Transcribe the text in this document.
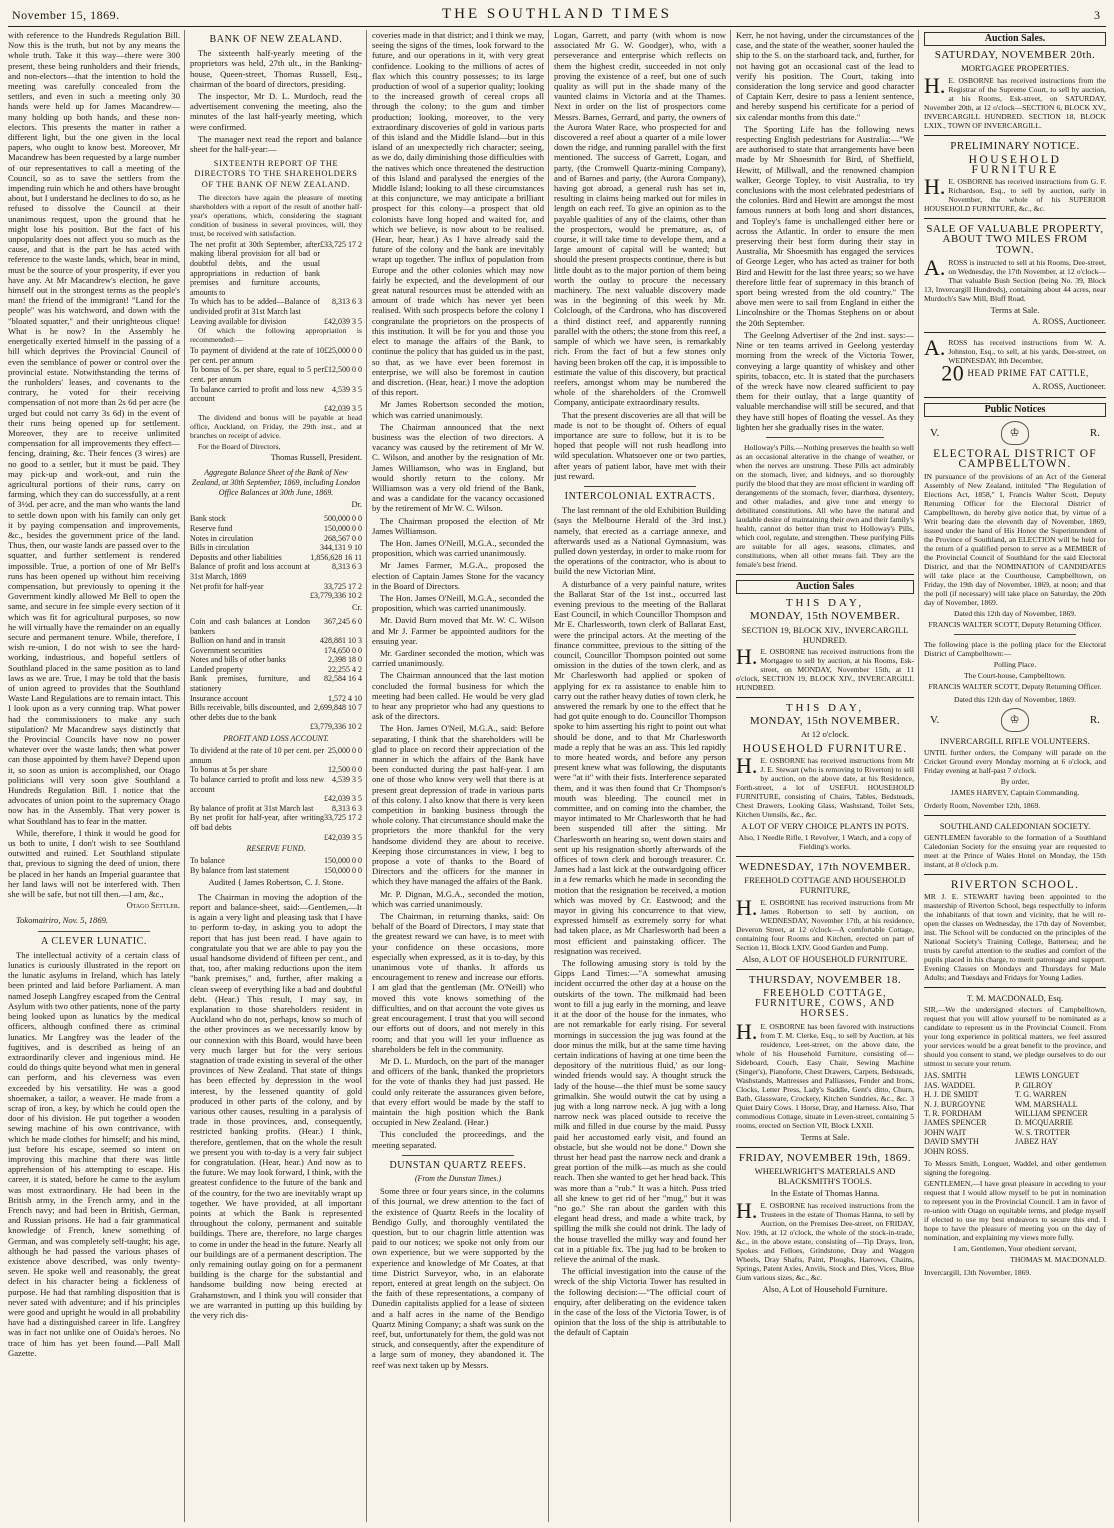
November 15, 1869.	THE SOUTHLAND TIMES	3

with reference to the Hundreds Regulation Bill. Now this is the truth, but not by any means the whole truth. Take it this way—there were 300 present, these being runholders and their friends, and non-electors—that the intention to hold the meeting was carefully concealed from the settlers, and even in such a meeting only 30 hands were held up for James Macandrew—many holding up both hands, and these non-electors. This presents the matter in rather a different light, but the one given in the local papers, who ought to know best. Moreover, Mr Macandrew has been requested by a large number of our representatives to call a meeting of the Council, so as to save the settlers from the impending ruin which he and others have brought about, but I understand he declines to do so, as he refused to dissolve the Council at their unanimous request, upon the ground that he might lose his position. But the fact of his unpopularity does not affect you so much as the cause, and that is the part he has acted with reference to the waste lands, which, bear in mind, must be the source of your prosperity, if ever you have any. At Mr Macandrew's election, he gave himself out in the strongest terms as the people's man! the friend of the immigrant! "Land for the people" was his watchword, and down with the "bloated squatter," and their unrighteous clique! What is he now? In the Assembly he energetically exerted himself in the passing of a bill which deprives the Provincial Council of even the semblance of power or control over the provincial estate. Notwithstanding the terms of the runholders' leases, and covenants to the contrary, he voted for their receiving compensation of not more than 2s 6d per acre (he urged but could not carry 3s 6d) in the event of their runs being opened up for settlement. Moreover, they are to receive unlimited compensation for all improvements they effect—fencing, draining, &c. Their fences (3 wires) are no good to a settler, but it must be paid. They may pick-up and work-out, and ruin the agricultural portions of their runs, carry on farming, which they can do successfully, at a rent of 3½d. per acre, and the man who wants the land to settle down upon with his family can only get it by paying compensation and improvements, &c., besides the government price of the land. Thus, then, our waste lands are passed over to the squatter, and further settlement is rendered impossible. True, a portion of one of Mr Bell's runs has been opened up without him receiving compensation, but previously to opening it the Government kindly allowed Mr Bell to open the same, and secure in fee simple every section of it which was fit for agricultural purposes, so now he will virtually have the remainder on an equally secure and permanent tenure. While, therefore, I wish re-union, I do not wish to see the hard-working, industrious, and hopeful settlers of Southland placed in the same position as to land laws as we are. True, I may be told that the basis of union agreed to provides that the Southland Waste Land Regulations are to remain intact. This I look upon as a very cunning trap. What power had the commissioners to make any such stipulation? Mr Macandrew says distinctly that the Provincial Councils have now no power whatever over the waste lands; then what power can those appointed by them have? Depend upon it, so soon as union is accomplished, our Otago politicians will very soon give Southland a Hundreds Regulation Bill. I notice that the advocates of union point to the supremacy Otago now has in the Assembly. That very power is what Southland has to fear in the matter.

While, therefore, I think it would be good for us both to unite, I don't wish to see Southland outwitted and ruined. Let Southland stipulate that, previous to signing the deed of union, there be placed in her hands an Imperial guarantee that her land laws will not be interfered with. Then she will be safe, but not till then.—I am, &c.,

Otago Settler.

Tokomairiro, Nov. 5, 1869.

A CLEVER LUNATIC.

The intellectual activity of a certain class of lunatics is curiously illustrated in the report on the lunatic asylums in Ireland, which has lately been printed and laid before Parliament. A man named Joseph Langfrey escaped from the Central Asylum with two other patients, none of the party being looked upon as lunatics by the medical officers, although confined there as criminal lunatics. Mr Langfrey was the leader of the fugitives, and is described as being of an extraordinarily clever and ingenious mind. He could do things quite beyond what men in general can perform, and his cleverness was even exceeded by his versatility. He was a good shoemaker, a tailor, a weaver. He made from a scrap of iron, a key, by which he could open the door of his division. He put together a wooden sewing machine of his own contrivance, with which he made clothes for himself; and his mind, just before his escape, seemed so intent on improving this machine that there was little apprehension of his attempting to escape. His career, it is stated, before he came to the asylum was most extraordinary. He had been in the British army, in the French army, and in the French navy; and had been in British, German, and Russian prisons. He had a fair grammatical knowledge of French, knew something of German, and was completely self-taught; his age, although he had passed the various phases of existence above described, was only twenty-seven. He spoke well and reasonably, the great defect in his character being a fickleness of purpose. He had that rambling disposition that is never sated with adventure; and if his principles were good and upright he would in all probability have had a distinguished career in life. Langfrey was in fact not unlike one of Ouida's heroes. No trace of him has yet been found.—Pall Mall Gazette.

BANK OF NEW ZEALAND.

The sixteenth half-yearly meeting of the proprietors was held, 27th ult., in the Banking-house, Queen-street, Thomas Russell, Esq., chairman of the board of directors, presiding.

The inspector, Mr D. L. Murdoch, read the advertisement convening the meeting, also the minutes of the last half-yearly meeting, which were confirmed.

The manager next read the report and balance sheet for the half-year:—

SIXTEENTH REPORT OF THE DIRECTORS TO THE SHAREHOLDERS OF THE BANK OF NEW ZEALAND.

The directors have again the pleasure of meeting shareholders with a report of the result of another half-year's operations, which, considering the stagnant condition of business in several provinces, will, they trust, be received with satisfaction.

The net profit at 30th September, after making liberal provision for all bad or doubtful debts, and the usual appropriations in reduction of bank premises and furniture accounts, amounts to	£33,725 17 2
To which has to be added—Balance of undivided profit at 31st March last	8,313 6 3
Leaving available for division	£42,039 3 5

Of which the following appropriation is recommended:—

To payment of dividend at the rate of 10 per cent. per annum	£25,000 0 0
To bonus of 5s. per share, equal to 5 per cent. per annum	£12,500 0 0
To balance carried to profit and loss new account	4,539 3 5
	£42,039 3 5

The dividend and bonus will be payable at head office, Auckland, on Friday, the 29th inst., and at branches on receipt of advice.

For the Board of Directors,

Thomas Russell, President.

Aggregate Balance Sheet of the Bank of New Zealand, at 30th September, 1869, including London Office Balances at 30th June, 1869.

Dr.

Bank stock	500,000 0 0
Reserve fund	150,000 0 0
Notes in circulation	268,567 0 0
Bills in circulation	344,131 9 10
Deposits and other liabilities	1,856,628 16 11
Balance of profit and loss account at 31st March, 1869	8,313 6 3
Net profit for half-year	33,725 17 2
	£3,779,336 10 2

Cr.

Coin and cash balances at London bankers	367,245 6 0
Bullion on hand and in transit	428,881 10 3
Government securities	174,650 0 0
Notes and bills of other banks	2,398 18 0
Landed property	22,255 4 2
Bank premises, furniture, and stationery	82,584 16 4
Insurance account	1,572 4 10
Bills receivable, bills discounted, and other debts due to the bank	2,699,848 10 7
	£3,779,336 10 2

PROFIT AND LOSS ACCOUNT.

To dividend at the rate of 10 per cent. per annum	25,000 0 0
To bonus at 5s per share	12,500 0 0
To balance carried to profit and loss new account	4,539 3 5
	£42,039 3 5
By balance of profit at 31st March last	8,313 6 3
By net profit for half-year, after writing off bad debts	33,725 17 2
	£42,039 3 5

RESERVE FUND.

To balance	150,000 0 0
By balance from last statement	150,000 0 0

Audited { James Robertson, C. J. Stone.

The Chairman in moving the adoption of the report and balance-sheet, said:—Gentlemen,—It is again a very light and pleasing task that I have to perform to-day, in asking you to adopt the report that has just been read. I have again to congratulate you that we are able to pay you the usual handsome dividend of fifteen per cent., and that, too, after making reductions upon the item "bank premises," and, further, after making a clean sweep of everything like a bad and doubtful debt. (Hear.) This result, I may say, in explanation to those shareholders resident in Auckland who do not, perhaps, know so much of the other provinces as we necessarily know by our connexion with this Board, would have been very much larger but for the very serious stagnation of trade existing in several of the other provinces of New Zealand. That state of things has been effected by depression in the wool interest, by the lessened quantity of gold produced in other parts of the colony, and by various other causes, resulting in a paralysis of trade in those provinces, and, consequently, restricted banking profits. (Hear.) I think, therefore, gentlemen, that on the whole the result we present you with to-day is a very fair subject for congratulation. (Hear, hear.) And now as to the future. We may look forward, I think, with the greatest confidence to the future of the bank and of the country, for the two are inevitably wrapt up together. We have provided, at all important points at which the Bank is represented throughout the colony, permanent and suitable buildings. There are, therefore, no large charges to come in under the head in the future. Nearly all our buildings are of a permanent description. The only remaining outlay going on for a permanent building is the charge for the substantial and handsome building now being erected at Grahamstown, and I think you will consider that we are warranted in putting up this building by the very rich dis-

coveries made in that district; and I think we may, seeing the signs of the times, look forward to the future, and our operations in it, with very great confidence. Looking to the millions of acres of flax which this country possesses; to its large production of wool of a superior quality; looking to the increased growth of cereal crops all through the colony; to the gum and timber production; looking, moreover, to the very extraordinary discoveries of gold in various parts of this island and the Middle Island—but in this island of an unexpectedly rich character; seeing, as we do, daily diminishing those difficulties with the natives which once threatened the destruction of this Island and paralysed the energies of the Middle Island; looking to all these circumstances at this conjuncture, we may anticipate a brilliant prospect for this colony—a prospect that old colonists have long hoped and waited for, and which we believe, is now about to be realised. (Hear, hear, hear.) As I have already said the future of the colony and the bank are inevitably wrapt up together. The influx of population from Europe and the other colonies which may now fairly be expected, and the development of our great natural resources must be attended with an amount of trade which has never yet been realised. With such prospects before the colony I congratulate the proprietors on the prospects of this institution. It will be for you and those you elect to manage the affairs of the Bank, to continue the policy that has guided us in the past, so that, as we have ever been foremost in enterprise, we will also be foremost in caution and discretion. (Hear, hear.) I move the adoption of this report.

Mr James Robertson seconded the motion, which was carried unanimously.

The Chairman announced that the next business was the election of two directors. A vacancy was caused by the retirement of Mr W. C. Wilson, and another by the resignation of Mr. James Williamson, who was in England, but would shortly return to the colony. Mr Williamson was a very old friend of the Bank, and was a candidate for the vacancy occasioned by the retirement of Mr W. C. Wilson.

The Chairman proposed the election of Mr James Williamson.

The Hon. James O'Neill, M.G.A., seconded the proposition, which was carried unanimously.

Mr James Farmer, M.G.A., proposed the election of Captain James Stone for the vacancy in the Board of Directors.

The Hon. James O'Neill, M.G.A., seconded the proposition, which was carried unanimously.

Mr. David Burn moved that Mr. W. C. Wilson and Mr J. Farmer be appointed auditors for the ensuing year.

Mr. Gardiner seconded the motion, which was carried unanimously.

The Chairman announced that the last motion concluded the formal business for which the meeting had been called. He would be very glad to hear any proprietor who had any questions to ask of the directors.

The Hon. James O'Neil, M.G.A., said: Before separating, I think that the shareholders will be glad to place on record their appreciation of the manner in which the affairs of the Bank have been conducted during the past half-year. I am one of those who know very well that there is at present great depression of trade in various parts of this colony. I also know that there is very keen competition in banking business through the whole colony. That circumstance should make the proprietors the more thankful for the very handsome dividend they are about to receive. Keeping those circumstances in view, I beg to propose a vote of thanks to the Board of Directors and the officers for the manner in which they have managed the affairs of the Bank.

Mr. P. Dignan, M.G.A., seconded the motion, which was carried unanimously.

The Chairman, in returning thanks, said: On behalf of the Board of Directors, I may state that the greatest reward we can have, is to meet with your confidence on these occasions, more especially when expressed, as it is to-day, by this unanimous vote of thanks. It affords us encouragement to renew and increase our efforts. I am glad that the gentleman (Mr. O'Neill) who moved this vote knows something of the difficulties, and on that account the vote gives us great encouragement. I trust that you will second our efforts out of doors, and not merely in this room; and that you will let your influence as shareholders be felt in the community.

Mr D. L. Murdoch, on the part of the manager and officers of the bank, thanked the proprietors for the vote of thanks they had just passed. He could only reiterate the assurances given before, that every effort would be made by the staff to maintain the high position which the Bank occupied in New Zealand. (Hear.)

This concluded the proceedings, and the meeting separated.

DUNSTAN QUARTZ REEFS.

(From the Dunstan Times.)

Some three or four years since, in the columns of this journal, we drew attention to the fact of the existence of Quartz Reefs in the locality of Bendigo Gully, and thoroughly ventilated the question, but to our chagrin little attention was paid to our notices; we spoke not only from our own experience, but we were supported by the experience and knowledge of Mr Coates, at that time District Surveyor, who, in an elaborate report, entered at great length on the subject. On the faith of these representations, a company of Dunedin capitalists applied for a lease of sixteen and a half acres in the name of the Bendigo Quartz Mining Company; a shaft was sunk on the reef, but, unfortunately for them, the gold was not struck, and consequently, after the expenditure of a large sum of money, they abandoned it. The reef was next taken up by Messrs.

Logan, Garrett, and party (with whom is now associated Mr G. W. Goodger), who, with a perseverance and enterprise which reflects on them the highest credit, succeeded in not only proving the existence of a reef, but one of such quality as will put in the shade many of the vaunted claims in Victoria and at the Thames. Next in order on the list of prospectors come Messrs. Barnes, Gerrard, and party, the owners of the Aurora Water Race, who prospected for and discovered a reef about a quarter of a mile lower down the ridge, and running parallel with the first mentioned. The success of Garrett, Logan, and party, (the Cromwell Quartz-mining Company), and of Barnes and party, (the Aurora Company), having got abroad, a general rush has set in, resulting in claims being marked out for miles in length on each reef. To give an opinion as to the payable qualities of any of the claims, other than the prospectors, would be premature, as, of course, it will take time to develope them, and a large amount of capital will be wanted; but should the present prospects continue, there is but little doubt as to the major portion of them being worth the outlay to procure the necessary machinery. The next valuable discovery made was in the beginning of this week by Mr. Colclough, of the Cardrona, who has discovered a third distinct reef, and apparently running parallel with the others; the stone from this reef, a sample of which we have seen, is remarkably rich. From the fact of but a few stones only having been broken off the cap, it is impossible to estimate the value of this discovery, but practical reefers, amongst whom may be numbered the whole of the shareholders of the Cromwell Company, anticipate extraordinary results.

That the present discoveries are all that will be made is not to be thought of. Others of equal importance are sure to follow, but it is to be hoped that people will not rush headlong into wild speculation. Whatsoever one or two parties, after years of patient labor, have met with their just reward.

INTERCOLONIAL EXTRACTS.

The last remnant of the old Exhibition Building (says the Melbourne Herald of the 3rd inst.) namely, that erected as a carriage annexe, and afterwards used as a National Gymnasium, was pulled down yesterday, in order to make room for the operations of the contractor, who is about to build the new Victorian Mint.

A disturbance of a very painful nature, writes the Ballarat Star of the 1st inst., occurred last evening previous to the meeting of the Ballarat East Council, in which Councillor Thompson and Mr E. Charlesworth, town clerk of Ballarat East, were the principal actors. At the meeting of the finance committee, previous to the sitting of the council, Councillor Thompson pointed out some omission in the duties of the town clerk, and as Mr Charlesworth had applied or spoken of applying for ex ra assistance to enable him to carry out the rather heavy duties of town clerk, he answered the remark by one to the effect that he had got quite enough to do. Councillor Thompson spoke to him asserting his right to point out what should be done, and to that Mr Charlesworth made a reply that he was an ass. This led rapidly to more heated words, and before any person present knew what was following, the disputants were "at it" with their fists. Interference separated them, and it was then found that Cr Thompson's mouth was bleeding. The council met in committee, and on coming into the chamber, the mayor intimated to Mr Charlesworth that he had been suspended till after the sitting. Mr Charlesworth on hearing so, went down stairs and sent up his resignation shortly afterwards of the offices of town clerk and borough treasurer. Cr. James had a last kick at the outwardgoing officer in a few remarks which he made in seconding the motion that the resignation be received, a motion which was moved by Cr. Eastwood; and the mayor in giving his concurrence to that view, expressed himself as extremely sorry for what had taken place, as Mr Charlesworth had been a most efficient and painstaking officer. The resignation was received.

The following amusing story is told by the Gipps Land Times:—"A somewhat amusing incident occurred the other day at a house on the outskirts of the town. The milkmaid had been wont to fill a jug early in the morning, and leave it at the door of the house for the inmates, who are not remarkable for early rising. For several mornings in succession the jug was found at the door minus the milk, but at the same time having certain indications of having at one time been the depository of the nutritious fluid,' as our long-winded friends would say. A thought struck the lady of the house—the thief must be some saucy grimalkin. She would outwit the cat by using a jug with a long narrow neck. A jug with a long narrow neck was placed outside to receive the milk and filled in due course by the maid. Pussy paid her accustomed early visit, and found an obstacle, but she would not be done." Down she thrust her head past the narrow neck and drank a great portion of the milk—as much as she could reach. Then she wanted to get her head back. This was more than a "rub." It was a hitch. Puss tried all she knew to get rid of her "mug," but it was "no go." She ran about the garden with this elegant head dress, and made a white track, by spilling the milk she could not drink. The lady of the house travelled the milky way and found her cat in a pitiable fix. The jug had to be broken to relieve the animal of the mask.

The official investigation into the cause of the wreck of the ship Victoria Tower has resulted in the following decision:—"The official court of enquiry, after deliberating on the evidence taken in the case of the loss of the Victoria Tower, is of opinion that the loss of the ship is attributable to the default of Captain

Kerr, he not having, under the circumstances of the case, and the state of the weather, sooner hauled the ship to the S. on the starboard tack, and, further, for not having got an occasional cast of the lead to verify his position. The Court, taking into consideration the long service and good character of Captain Kerr, desire to pass a lenient sentence, and hereby suspend his certificate for a period of six calendar months from this date."

The Sporting Life has the following news respecting English pedestrians for Australia:—"We are authorised to state that arrangements have been made by Mr Shoesmith for Bird, of Sheffield, Hewitt, of Millwall, and the renowned champion walker, George Topley, to visit Australia, to try conclusions with the most celebrated pedestrians of the colonies. Bird and Hewitt are amongst the most famous runners at both long and short distances, and Topley's fame is unchallenged either here or across the Atlantic. In order to ensure the men preserving their best form during their stay in Australia, Mr Shoesmith has engaged the services of George Leger, who has acted as trainer for both Bird and Hewitt for the last three years; so we have therefore little fear of supremacy in this branch of sport being wrested from the old country." The above men were to sail from England in either the Lincolnshire or the Thomas Stephens on or about the 20th September.

The Geelong Advertiser of the 2nd inst. says:—Nine or ten teams arrived in Geelong yesterday morning from the wreck of the Victoria Tower, conveying a large quantity of whiskey and other spirits, tobacco, etc. It is stated that the purchasers of the wreck have now cleared sufficient to pay them for their outlay, that a large quantity of valuable merchandise will still be secured, and that they have still hopes of floating the vessel. As they lighten her she gradually rises in the water.

Holloway's Pills.—Nothing preserves the health so well as an occasional alterative in the change of weather, or when the nerves are unstrung. These Pills act admirably on the stomach, liver, and kidneys, and so thoroughly purify the blood that they are most efficient in warding off derangements of the stomach, fever, diarrhœa, dysentery, and other maladies, and give tone and energy to debilitated constitutions. All who have the natural and laudable desire of maintaining their own and their family's health, cannot do better than trust to Holloway's Pills, which cool, regulate, and strengthen. These purifying Pills are suitable for all ages, seasons, climates, and constitutions, when all other means fail. They are the female's best friend.

Auction Sales

THIS DAY,

MONDAY, 15th NOVEMBER.

SECTION 19, BLOCK XIV., INVERCARGILL HUNDRED.

H. E. OSBORNE has received instructions from the Mortgagee to sell by auction, at his Rooms, Esk-street, on MONDAY, November 15th, at 11 o'clock, SECTION 19, BLOCK XIV., INVERCARGILL HUNDRED.

THIS DAY,

MONDAY, 15th NOVEMBER.

At 12 o'clock.

HOUSEHOLD FURNITURE.

H. E. OSBORNE has received instructions from Mr J. E. Stewart (who is removing to Riverton) to sell by auction, on the above date, at his Residence, Forth-street, a lot of USEFUL HOUSEHOLD FURNITURE, consisting of Chairs, Tables, Bedsteads, Chest Drawers, Looking Glass, Washstand, Toilet Sets, Kitchen Utensils, &c., &c.

A LOT OF VERY CHOICE PLANTS IN POTS.

Also, 1 Needle Rifle, 1 Revolver, 1 Watch, and a copy of Fielding's works.

WEDNESDAY, 17th NOVEMBER.

FREEHOLD COTTAGE AND HOUSEHOLD FURNITURE,

H. E. OSBORNE has received instructions from Mr James Robertson to sell by auction, on WEDNESDAY, November 17th, at his residence, Deveron Street, at 12 o'clock—A comfortable Cottage, containing four Rooms and Kitchen, erected on part of Section 11, Block LXIV. Good Garden and Pump.

Also, A LOT OF HOUSEHOLD FURNITURE.

THURSDAY, NOVEMBER 18.

FREEHOLD COTTAGE, FURNITURE, COWS, AND HORSES.

H. E. OSBORNE has been favored with instructions from T. M. Clerke, Esq., to sell by Auction, at his residence, Leet-street, on the above date, the whole of his Household Furniture, consisting of—Sideboard, Couch, Easy Chair, Sewing Machine (Singer's), Pianoforte, Chest Drawers, Carpets, Bedsteads, Washstands, Mattresses and Palliasses, Fender and Irons, Clocks, Letter Press, Lady's Saddle, Gent's ditto, Churn, Bath, Glassware, Crockery, Kitchen Sundries, &c., &c. 3 Quiet Dairy Cows. 1 Horse, Dray, and Harness. Also, That commodious Cottage, situate in Leven-street, containing 5 rooms, erected on Section VII, Block LXXII.

Terms at Sale.

FRIDAY, NOVEMBER 19th, 1869.

WHEELWRIGHT'S MATERIALS AND BLACKSMITH'S TOOLS.

In the Estate of Thomas Hanna.

H. E. OSBORNE has received instructions from the Trustees in the estate of Thomas Hanna, to sell by Auction, on the Premises Dee-street, on FRIDAY, Nov. 19th, at 12 o'clock, the whole of the stock-in-trade, &c., in the above estate, consisting of—Tip Drays, Iron, Spokes and Felloes, Grindstone, Dray and Waggon Wheels, Dray Shafts, Paint, Ploughs, Harrows, Chains, Springs, Patent Axles, Anvils, Stock and Dies, Vices, Blue Gum various sizes, &c., &c.

Also, A Lot of Household Furniture.

Auction Sales.

SATURDAY, NOVEMBER 20th.

MORTGAGEE PROPERTIES.

H. E. OSBORNE has received instructions from the Registrar of the Supreme Court, to sell by auction, at his Rooms, Esk-street, on SATURDAY, November 20th, at 12 o'clock—SECTION 6, BLOCK XV., INVERCARGILL HUNDRED. SECTION 18, BLOCK LXIX., TOWN OF INVERCARGILL.

PRELIMINARY NOTICE.

HOUSEHOLD FURNITURE

H. E. OSBORNE has received instructions from G. F. Richardson, Esq., to sell by auction, early in November, the whole of his SUPERIOR HOUSEHOLD FURNITURE, &c., &c.

SALE OF VALUABLE PROPERTY, ABOUT TWO MILES FROM TOWN.

A. ROSS is instructed to sell at his Rooms, Dee-street, on Wednesday, the 17th November, at 12 o'clock—That valuable Bush Section (being No. 39, Block 13, Invercargill Hundreds), containing about 44 acres, near Murdoch's Saw Mill, Bluff Road.

Terms at Sale.

A. ROSS, Auctioneer.

A. ROSS has received instructions from W. A. Johnston, Esq., to sell, at his yards, Dee-street, on WEDNESDAY, 8th December,

20 HEAD PRIME FAT CATTLE,

A. ROSS, Auctioneer.

Public Notices
V.	♔	R.

ELECTORAL DISTRICT OF CAMPBELLTOWN.

IN pursuance of the provisions of an Act of the General Assembly of New Zealand, intituled "The Regulation of Elections Act, 1858," I, Francis Walter Scott, Deputy Returning Officer for the Electoral District of Campbelltown, do hereby give notice that, by virtue of a Writ bearing date the eleventh day of November, 1869, issued under the hand of His Honor the Superintendent of the Province of Southland, an ELECTION will be held for the return of a qualified person to serve as a MEMBER of the Provincial Council of Southland for the said Electoral District, and that the NOMINATION of CANDIDATES will take place at the Courthouse, Campbelltown, on Friday, the 19th day of November, 1869, at noon; and that the poll (if necessary) will take place on Saturday, the 20th day of November, 1869.

Dated this 12th day of November, 1869.

FRANCIS WALTER SCOTT, Deputy Returning Officer.

The following place is the polling place for the Electoral District of Campbelltown:—

Polling Place.

The Court-house, Campbelltown.

FRANCIS WALTER SCOTT, Deputy Returning Officer.

Dated this 12th day of November, 1869.

V.	♔	R.

INVERCARGILL RIFLE VOLUNTEERS.

UNTIL further orders, the Company will parade on the Cricket Ground every Monday morning at 6 o'clock, and Friday evening at half-past 7 o'clock.

By order,

JAMES HARVEY, Captain Commanding.

Orderly Room, November 12th, 1869.

SOUTHLAND CALEDONIAN SOCIETY.

GENTLEMEN favorable to the formation of a Southland Caledonian Society for the ensuing year are requested to meet at the Prince of Wales Hotel on Monday, the 15th instant, at 8 o'clock p.m.

RIVERTON SCHOOL.

MR J. E. STEWART having been appointed to the mastership of Riverton School, begs respectfully to inform the inhabitants of that town and vicinity, that he will re-open the classes on Wednesday, the 17th day of November, inst. The School will be conducted on the principles of the National Society's Training College, Battersea; and he trusts by careful attention to the studies and comfort of the pupils placed in his charge, to merit patronage and support. Evening Classes on Mondays and Thursdays for Male Adults; and Tuesdays and Fridays for Young Ladies.

T. M. MACDONALD, Esq.

SIR,—We the undersigned electors of Campbelltown, request that you will allow yourself to be nominated as a candidate to represent us in the Provincial Council. From your long experience in political matters, we feel assured your services would be a great benefit to the province, and should you consent to stand, we pledge ourselves to do our utmost to secure your return.

JAS. SMITH	LEWIS LONGUET
JAS. WADDEL	P. GILROY
H. J. DE SMIDT	T. G. WARREN
N. J. BURGOYNE	WM. MARSHALL
T. R. FORDHAM	WILLIAM SPENCER
JAMES SPENCER	D. MCQUARRIE
JOHN WAIT	W. S. TROTTER
DAVID SMYTH	JABEZ HAY
JOHN ROSS.

To Messrs Smith, Longuet, Waddel, and other gentlemen signing the foregoing.

GENTLEMEN,—I have great pleasure in acceding to your request that I would allow myself to be put in nomination to represent you in the Provincial Council. I am in favor of re-union with Otago on equitable terms, and pledge myself if elected to use my best endeavors to secure this end. I hope to have the pleasure of meeting you on the day of nomination, and explaining my views more fully.

I am, Gentlemen, Your obedient servant,

THOMAS M. MACDONALD.

Invercargill, 13th November, 1869.
